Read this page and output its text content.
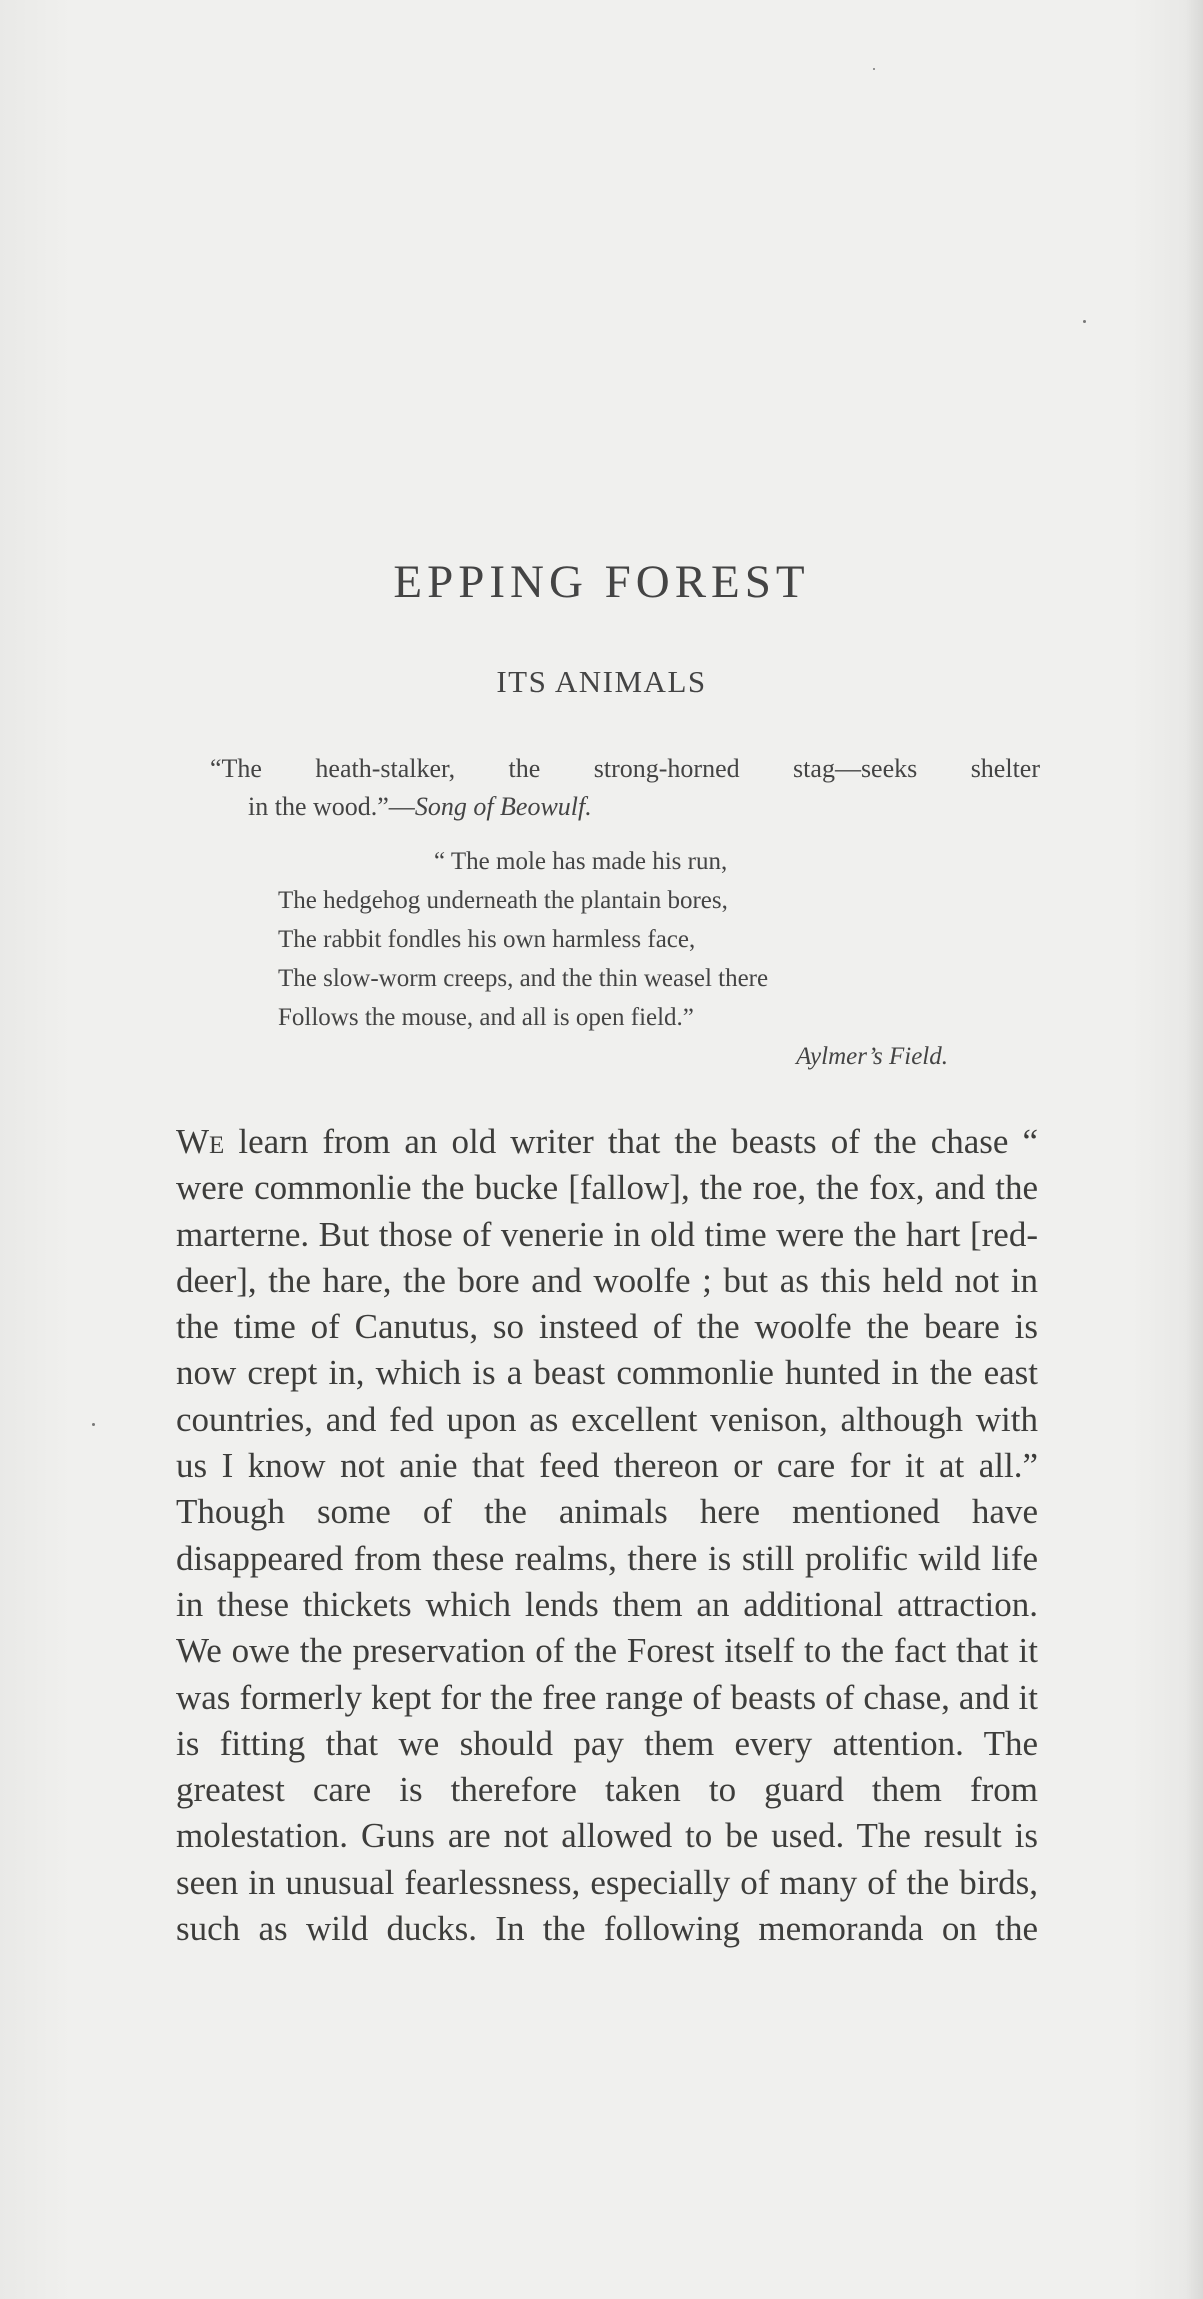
EPPING FOREST
ITS ANIMALS
“The heath-stalker, the strong-horned stag—seeks shelter
in the wood.”—Song of Beowulf.
“ The mole has made his run,
The hedgehog underneath the plantain bores,
The rabbit fondles his own harmless face,
The slow-worm creeps, and the thin weasel there
Follows the mouse, and all is open field.”
Aylmer’s Field.

We learn from an old writer that the beasts of the chase “ were commonlie the bucke [fallow], the roe, the fox, and the marterne. But those of venerie in old time were the hart [red-deer], the hare, the bore and woolfe ; but as this held not in the time of Canutus, so insteed of the woolfe the beare is now crept in, which is a beast commonlie hunted in the east countries, and fed upon as excellent venison, although with us I know not anie that feed thereon or care for it at all.” Though some of the animals here mentioned have disappeared from these realms, there is still prolific wild life in these thickets which lends them an additional attraction. We owe the preservation of the Forest itself to the fact that it was formerly kept for the free range of beasts of chase, and it is fitting that we should pay them every attention. The greatest care is therefore taken to guard them from molestation. Guns are not allowed to be used. The result is seen in unusual fearlessness, especially of many of the birds, such as wild ducks. In the following memoranda on the
